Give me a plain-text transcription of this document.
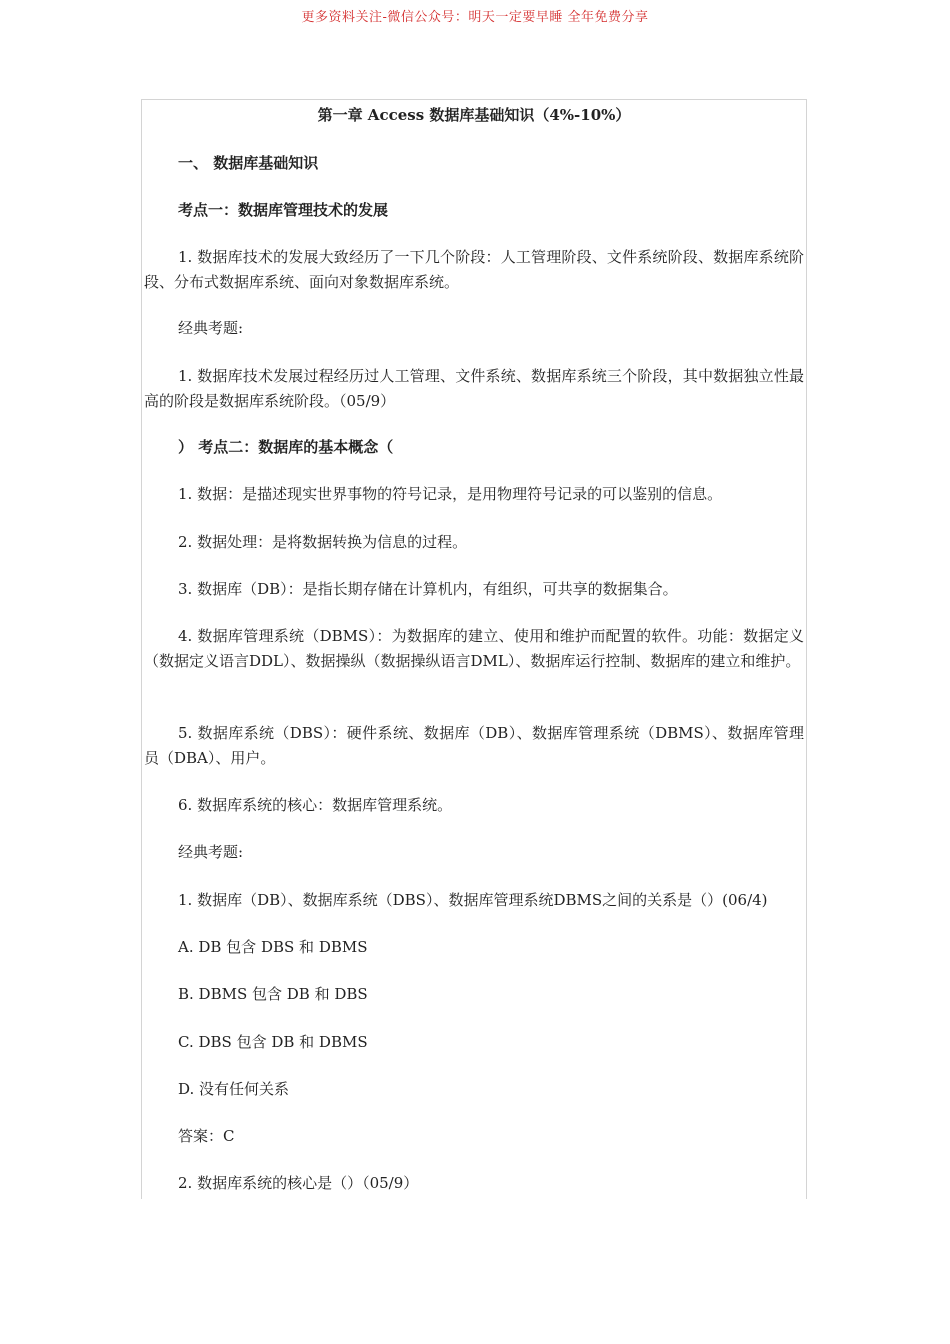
更多资料关注-微信公众号：明天一定要早睡 全年免费分享
第一章 Access 数据库基础知识（4%-10%）
一、 数据库基础知识
考点一：数据库管理技术的发展
1. 数据库技术的发展大致经历了一下几个阶段：人工管理阶段、文件系统阶段、数据库系统阶段、分布式数据库系统、面向对象数据库系统。
经典考题:
1. 数据库技术发展过程经历过人工管理、文件系统、数据库系统三个阶段，其中数据独立性最高的阶段是数据库系统阶段。（05/9）
） 考点二：数据库的基本概念（
1. 数据：是描述现实世界事物的符号记录，是用物理符号记录的可以鉴别的信息。
2. 数据处理：是将数据转换为信息的过程。
3. 数据库（DB）：是指长期存储在计算机内，有组织，可共享的数据集合。
4. 数据库管理系统（DBMS）：为数据库的建立、使用和维护而配置的软件。功能：数据定义（数据定义语言DDL）、数据操纵（数据操纵语言DML）、数据库运行控制、数据库的建立和维护。
5. 数据库系统（DBS）：硬件系统、数据库（DB）、数据库管理系统（DBMS）、数据库管理员（DBA）、用户。
6. 数据库系统的核心：数据库管理系统。
经典考题:
1. 数据库（DB）、数据库系统（DBS）、数据库管理系统DBMS之间的关系是（）(06/4)
A. DB 包含 DBS 和 DBMS
B. DBMS 包含 DB 和 DBS
C. DBS 包含 DB 和 DBMS
D. 没有任何关系
答案：C
2. 数据库系统的核心是（）（05/9）
